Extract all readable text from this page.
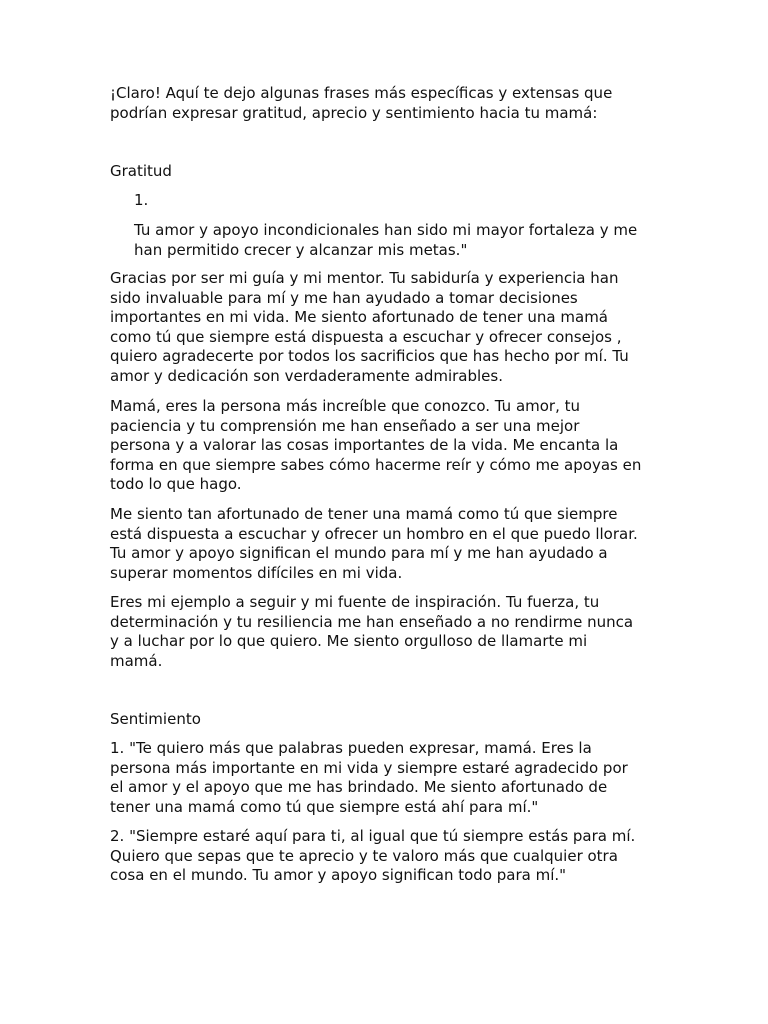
¡Claro! Aquí te dejo algunas frases más específicas y extensas que
podrían expresar gratitud, aprecio y sentimiento hacia tu mamá:

Gratitud

1.

Tu amor y apoyo incondicionales han sido mi mayor fortaleza y me
han permitido crecer y alcanzar mis metas."

Gracias por ser mi guía y mi mentor. Tu sabiduría y experiencia han
sido invaluable para mí y me han ayudado a tomar decisiones
importantes en mi vida. Me siento afortunado de tener una mamá
como tú que siempre está dispuesta a escuchar y ofrecer consejos ,
quiero agradecerte por todos los sacrificios que has hecho por mí. Tu
amor y dedicación son verdaderamente admirables.

Mamá, eres la persona más increíble que conozco. Tu amor, tu
paciencia y tu comprensión me han enseñado a ser una mejor
persona y a valorar las cosas importantes de la vida. Me encanta la
forma en que siempre sabes cómo hacerme reír y cómo me apoyas en
todo lo que hago.

Me siento tan afortunado de tener una mamá como tú que siempre
está dispuesta a escuchar y ofrecer un hombro en el que puedo llorar.
Tu amor y apoyo significan el mundo para mí y me han ayudado a
superar momentos difíciles en mi vida.

Eres mi ejemplo a seguir y mi fuente de inspiración. Tu fuerza, tu
determinación y tu resiliencia me han enseñado a no rendirme nunca
y a luchar por lo que quiero. Me siento orgulloso de llamarte mi
mamá.

Sentimiento

1. "Te quiero más que palabras pueden expresar, mamá. Eres la
persona más importante en mi vida y siempre estaré agradecido por
el amor y el apoyo que me has brindado. Me siento afortunado de
tener una mamá como tú que siempre está ahí para mí."

2. "Siempre estaré aquí para ti, al igual que tú siempre estás para mí.
Quiero que sepas que te aprecio y te valoro más que cualquier otra
cosa en el mundo. Tu amor y apoyo significan todo para mí."
